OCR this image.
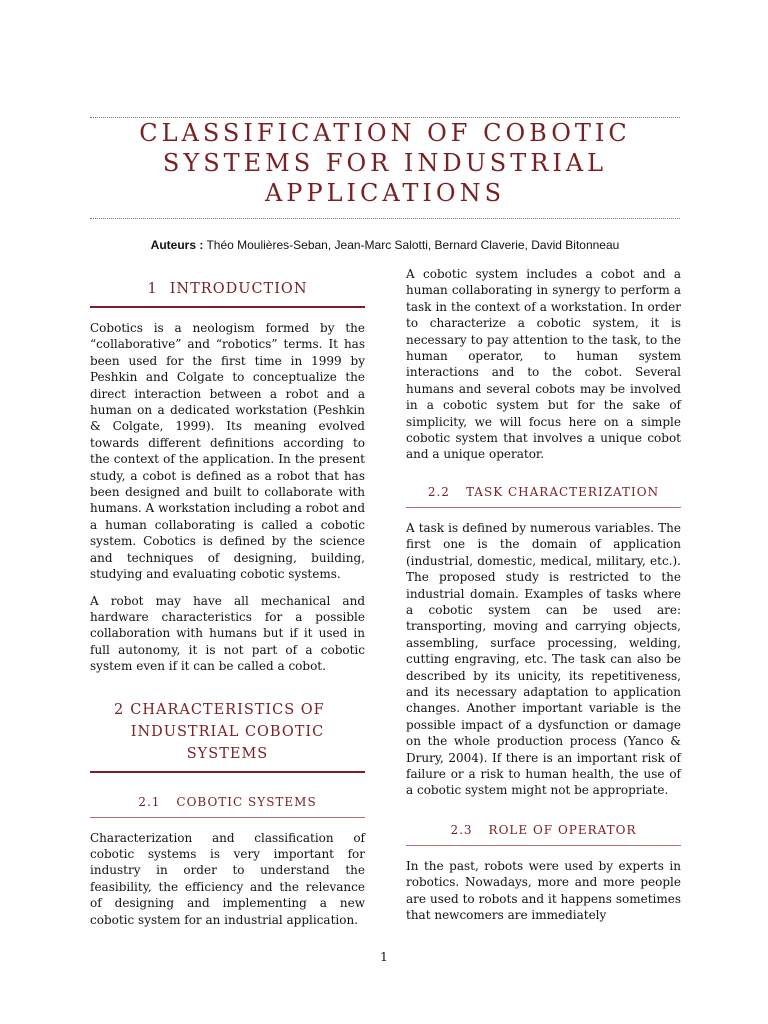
CLASSIFICATION OF COBOTIC
SYSTEMS FOR INDUSTRIAL
APPLICATIONS
Auteurs : Théo Moulières-Seban, Jean-Marc Salotti, Bernard Claverie, David Bitonneau
1 INTRODUCTION

Cobotics is a neologism formed by the “collaborative” and “robotics” terms. It has been used for the first time in 1999 by Peshkin and Colgate to conceptualize the direct interaction between a robot and a human on a dedicated workstation (Peshkin & Colgate, 1999). Its meaning evolved towards different definitions according to the context of the application. In the present study, a cobot is defined as a robot that has been designed and built to collaborate with humans. A workstation including a robot and a human collaborating is called a cobotic system. Cobotics is defined by the science and techniques of designing, building, studying and evaluating cobotic systems.

A robot may have all mechanical and hardware characteristics for a possible collaboration with humans but if it used in full autonomy, it is not part of a cobotic system even if it can be called a cobot.

2 CHARACTERISTICS OF
INDUSTRIAL COBOTIC
SYSTEMS
2.1 COBOTIC SYSTEMS

Characterization and classification of cobotic systems is very important for industry in order to understand the feasibility, the efficiency and the relevance of designing and implementing a new cobotic system for an industrial application.

A cobotic system includes a cobot and a human collaborating in synergy to perform a task in the context of a workstation. In order to characterize a cobotic system, it is necessary to pay attention to the task, to the human operator, to human system interactions and to the cobot. Several humans and several cobots may be involved in a cobotic system but for the sake of simplicity, we will focus here on a simple cobotic system that involves a unique cobot and a unique operator.

2.2 TASK CHARACTERIZATION

A task is defined by numerous variables. The first one is the domain of application (industrial, domestic, medical, military, etc.). The proposed study is restricted to the industrial domain. Examples of tasks where a cobotic system can be used are: transporting, moving and carrying objects, assembling, surface processing, welding, cutting engraving, etc. The task can also be described by its unicity, its repetitiveness, and its necessary adaptation to application changes. Another important variable is the possible impact of a dysfunction or damage on the whole production process (Yanco & Drury, 2004). If there is an important risk of failure or a risk to human health, the use of a cobotic system might not be appropriate.

2.3 ROLE OF OPERATOR

In the past, robots were used by experts in robotics. Nowadays, more and more people are used to robots and it happens sometimes that newcomers are immediately

1
